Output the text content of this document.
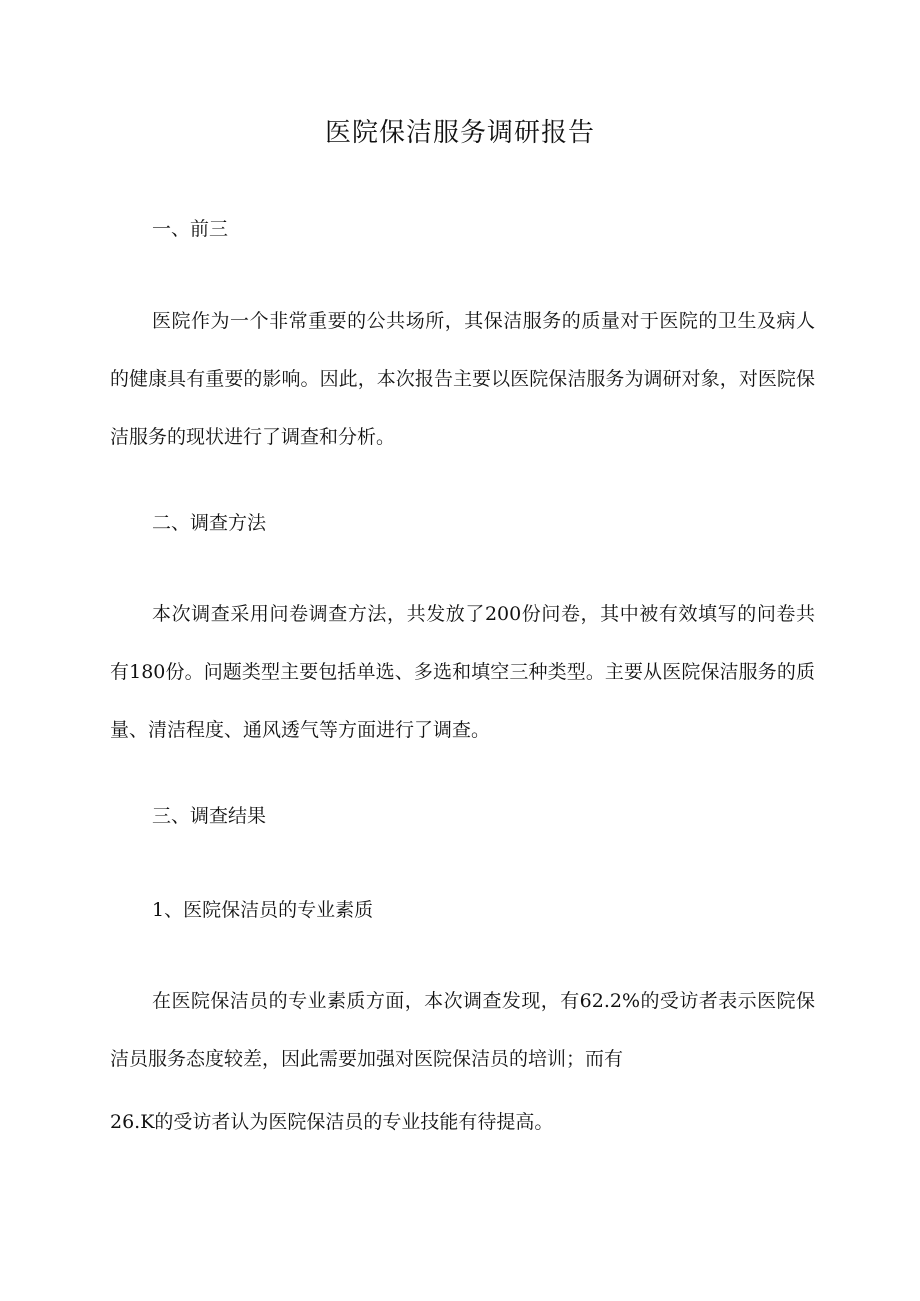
医院保洁服务调研报告
一、前三
医院作为一个非常重要的公共场所，其保洁服务的质量对于医院的卫生及病人的健康具有重要的影响。因此，本次报告主要以医院保洁服务为调研对象，对医院保洁服务的现状进行了调查和分析。
二、调查方法
本次调查采用问卷调查方法，共发放了200份问卷，其中被有效填写的问卷共有180份。问题类型主要包括单选、多选和填空三种类型。主要从医院保洁服务的质量、清洁程度、通风透气等方面进行了调查。
三、调查结果
1、医院保洁员的专业素质
在医院保洁员的专业素质方面，本次调查发现，有62.2%的受访者表示医院保洁员服务态度较差，因此需要加强对医院保洁员的培训；而有
26.K的受访者认为医院保洁员的专业技能有待提高。
